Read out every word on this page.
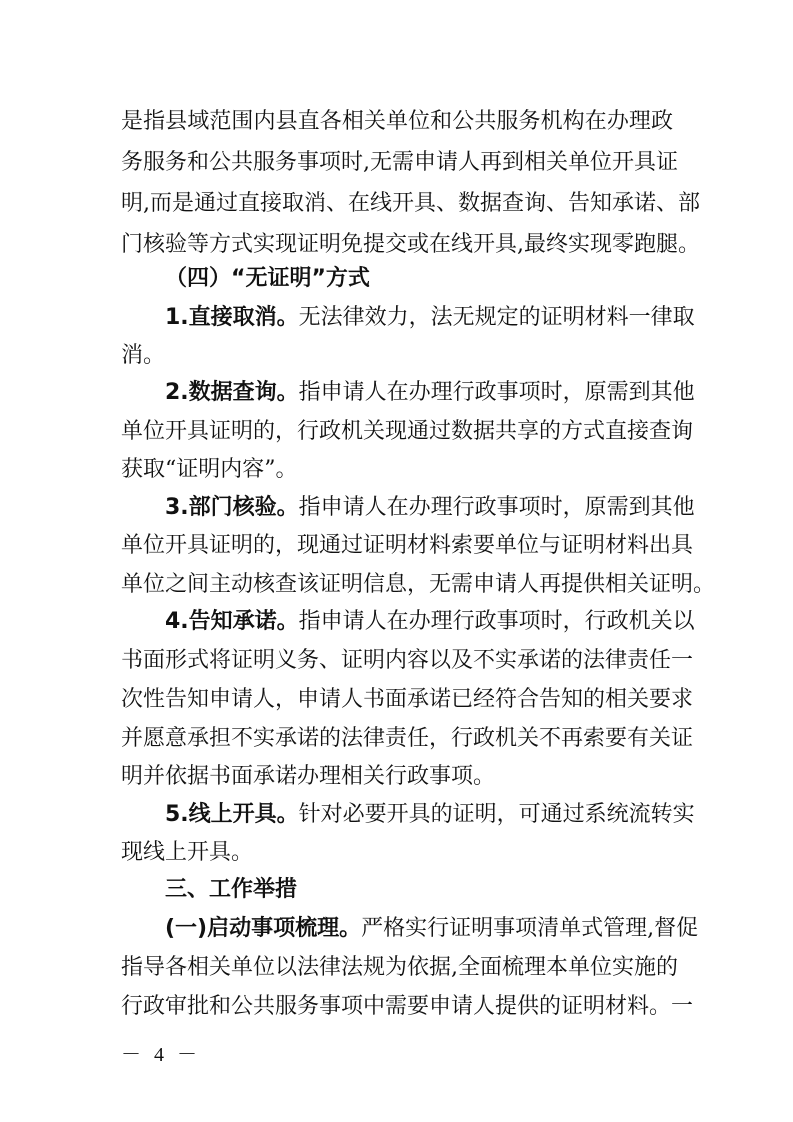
是指县域范围内县直各相关单位和公共服务机构在办理政
务服务和公共服务事项时,无需申请人再到相关单位开具证
明,而是通过直接取消、在线开具、数据查询、告知承诺、部
门核验等方式实现证明免提交或在线开具,最终实现零跑腿。
（四）“无证明”方式
1.直接取消。无法律效力，法无规定的证明材料一律取
消。
2.数据查询。指申请人在办理行政事项时，原需到其他
单位开具证明的，行政机关现通过数据共享的方式直接查询
获取“证明内容”。
3.部门核验。指申请人在办理行政事项时，原需到其他
单位开具证明的，现通过证明材料索要单位与证明材料出具
单位之间主动核查该证明信息，无需申请人再提供相关证明。
4.告知承诺。指申请人在办理行政事项时，行政机关以
书面形式将证明义务、证明内容以及不实承诺的法律责任一
次性告知申请人，申请人书面承诺已经符合告知的相关要求
并愿意承担不实承诺的法律责任，行政机关不再索要有关证
明并依据书面承诺办理相关行政事项。
5.线上开具。针对必要开具的证明，可通过系统流转实
现线上开具。
三、工作举措
(一)启动事项梳理。严格实行证明事项清单式管理,督促
指导各相关单位以法律法规为依据,全面梳理本单位实施的
行政审批和公共服务事项中需要申请人提供的证明材料。一
－ 4 －
